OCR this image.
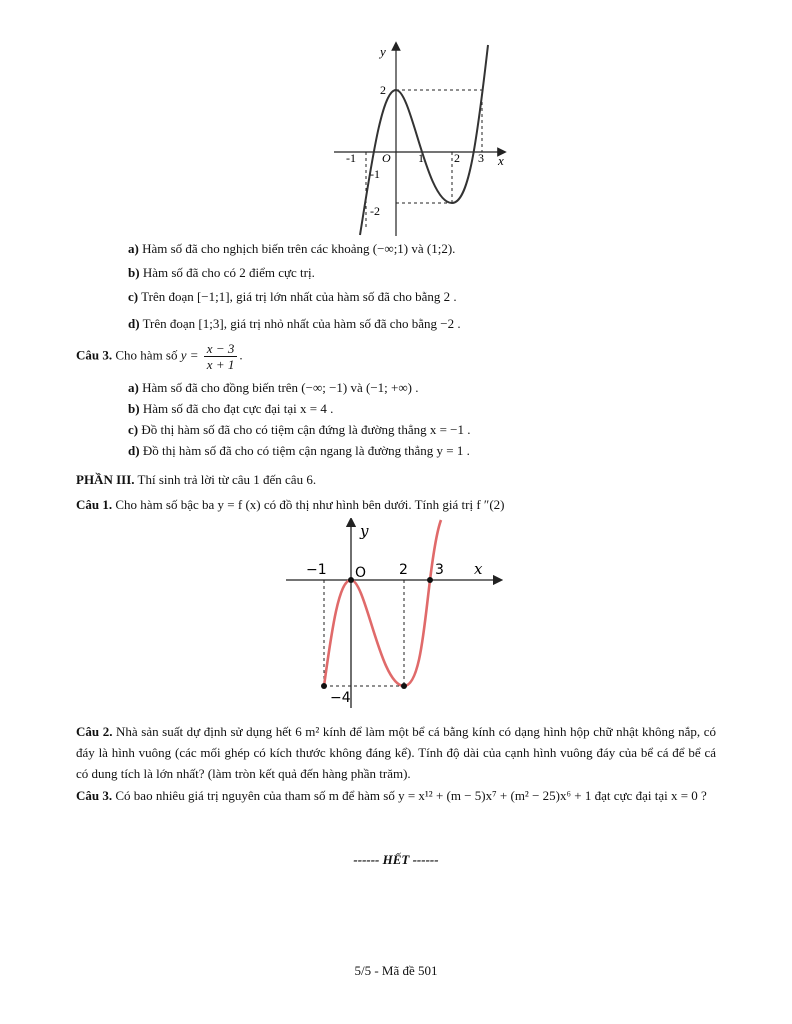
y
x
O
-1	1	2 3
2
-1
-2
a) Hàm số đã cho nghịch biến trên các khoảng (−∞;1) và (1;2).
b) Hàm số đã cho có 2 điểm cực trị.
c) Trên đoạn [−1;1], giá trị lớn nhất của hàm số đã cho bằng 2 .
d) Trên đoạn [1;3], giá trị nhỏ nhất của hàm số đã cho bằng −2 .
Câu 3. Cho hàm số $y = \frac{x - 3}{x + 1}$ .
a) Hàm số đã cho đồng biến trên (−∞; −1) và (−1; +∞) .
b) Hàm số đã cho đạt cực đại tại x = 4 .
c) Đồ thị hàm số đã cho có tiệm cận đứng là đường thẳng x = −1 .
d) Đồ thị hàm số đã cho có tiệm cận ngang là đường thẳng y = 1 .
PHẦN III. Thí sinh trả lời từ câu 1 đến câu 6.
Câu 1. Cho hàm số bậc ba y = f (x) có đồ thị như hình bên dưới. Tính giá trị f ″(2)
y
x
O
−1	2 3
−4
Câu 2. Nhà sản suất dự định sử dụng hết 6 m² kính để làm một bể cá bằng kính có dạng hình hộp chữ nhật không nắp, có đáy là hình vuông (các mối ghép có kích thước không đáng kể). Tính độ dài của cạnh hình vuông đáy của bể cá để bể cá có dung tích là lớn nhất? (làm tròn kết quả đến hàng phần trăm).
Câu 3. Có bao nhiêu giá trị nguyên của tham số m để hàm số y = x¹² + (m − 5)x⁷ + (m² − 25)x⁶ + 1 đạt cực đại tại x = 0 ?
------ HẾT ------
5/5 - Mã đề 501
